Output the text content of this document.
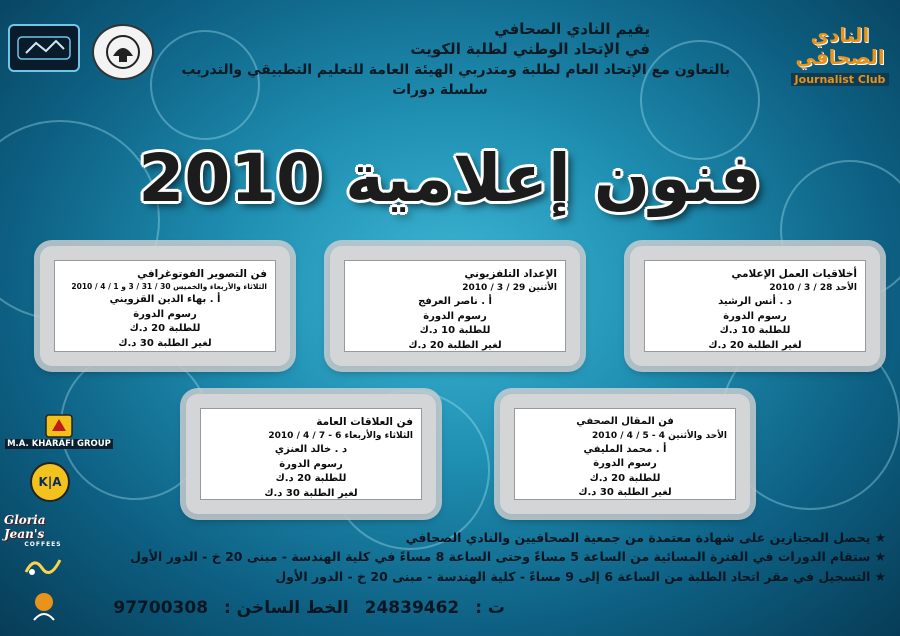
النادي الصحافي
Journalist Club
يقيم النادي الصحافي
في الإتحاد الوطني لطلبة الكويت
بالتعاون مع الإتحاد العام لطلبة ومتدربي الهيئة العامة للتعليم التطبيقي والتدريب
سلسلة دورات
فنون إعلامية 2010
أخلاقيات العمل الإعلامي
الأحد 28 / 3 / 2010
د . أنس الرشيد
رسوم الدورة
للطلبة 10 د.ك
لغير الطلبة 20 د.ك
الإعداد التلفزيوني
الأثنين 29 / 3 / 2010
أ . ناصر العرفج
رسوم الدورة
للطلبة 10 د.ك
لغير الطلبة 20 د.ك
فن التصوير الفوتوغرافي
الثلاثاء والأربعاء والخميس 30 / 31 / 3 و 1 / 4 / 2010
أ . بهاء الدين القزويني
رسوم الدورة
للطلبة 20 د.ك
لغير الطلبة 30 د.ك
فن المقال الصحفي
الأحد والأثنين 4 - 5 / 4 / 2010
أ . محمد المليفي
رسوم الدورة
للطلبة 20 د.ك
لغير الطلبة 30 د.ك
فن العلاقات العامة
الثلاثاء والأربعاء 6 - 7 / 4 / 2010
د . خالد العنزي
رسوم الدورة
للطلبة 20 د.ك
لغير الطلبة 30 د.ك
M.A. KHARAFI GROUP
K|A
Gloria Jean's
COFFEES	★ يحصل المجتازين على شهادة معتمدة من جمعية الصحافيين والنادي الصحافي
★ ستقام الدورات في الفترة المسائية من الساعة 5 مساءً وحتى الساعة 8 مساءً في كلية الهندسة - مبنى 20 خ - الدور الأول
★ التسجيل في مقر اتحاد الطلبة من الساعة 6 إلى 9 مساءً - كلية الهندسة - مبنى 20 خ - الدور الأول
ت : 24839462 الخط الساخن : 97700308
